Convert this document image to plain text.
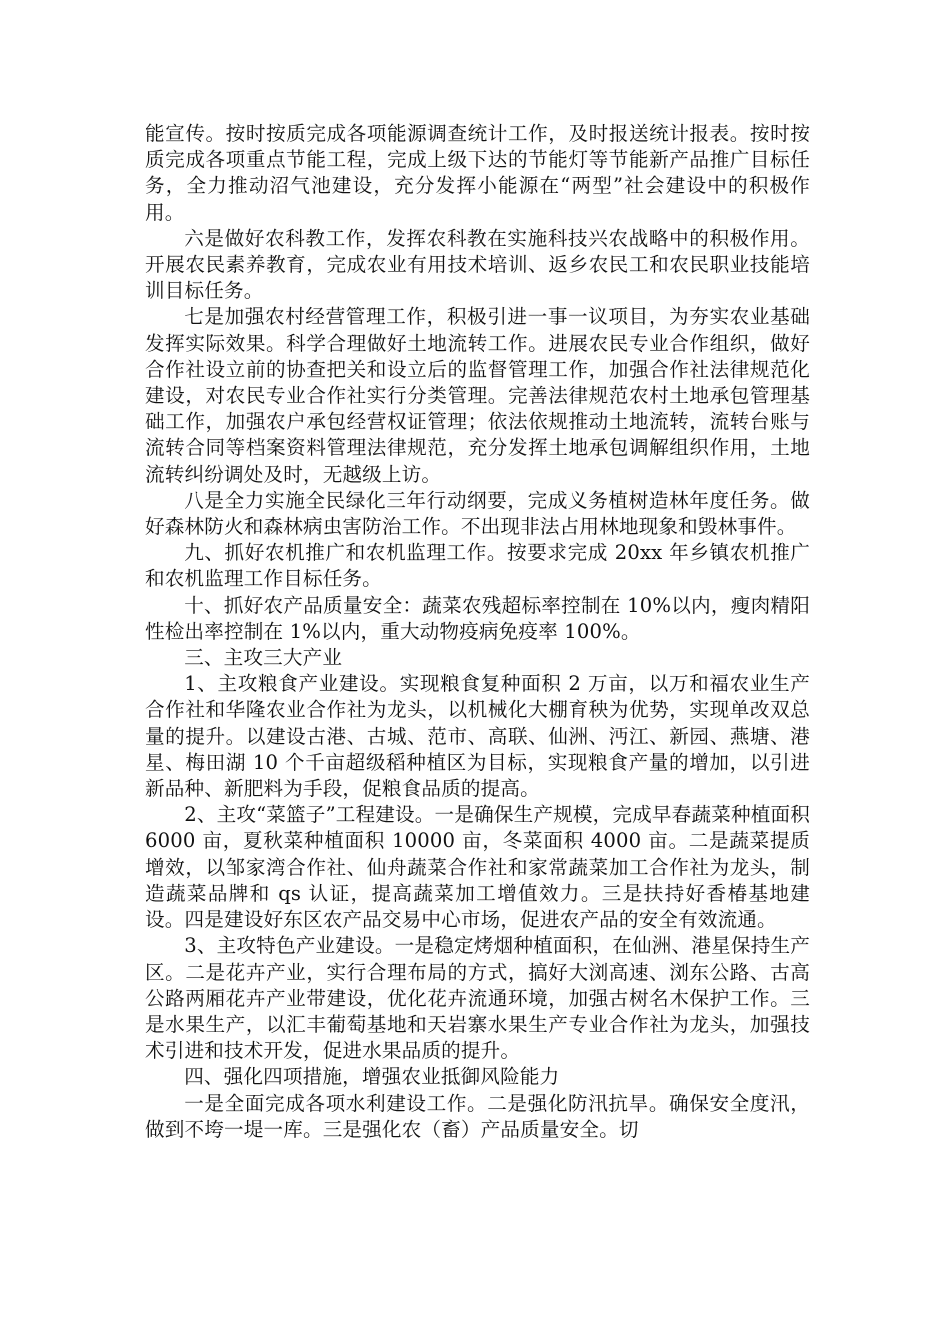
能宣传。按时按质完成各项能源调查统计工作，及时报送统计报表。按时按质完成各项重点节能工程，完成上级下达的节能灯等节能新产品推广目标任务，全力推动沼气池建设，充分发挥小能源在“两型”社会建设中的积极作用。

六是做好农科教工作，发挥农科教在实施科技兴农战略中的积极作用。开展农民素养教育，完成农业有用技术培训、返乡农民工和农民职业技能培训目标任务。

七是加强农村经营管理工作，积极引进一事一议项目，为夯实农业基础发挥实际效果。科学合理做好土地流转工作。进展农民专业合作组织，做好合作社设立前的协查把关和设立后的监督管理工作，加强合作社法律规范化建设，对农民专业合作社实行分类管理。完善法律规范农村土地承包管理基础工作，加强农户承包经营权证管理；依法依规推动土地流转，流转台账与流转合同等档案资料管理法律规范，充分发挥土地承包调解组织作用，土地流转纠纷调处及时，无越级上访。

八是全力实施全民绿化三年行动纲要，完成义务植树造林年度任务。做好森林防火和森林病虫害防治工作。不出现非法占用林地现象和毁林事件。

九、抓好农机推广和农机监理工作。按要求完成 20xx 年乡镇农机推广和农机监理工作目标任务。

十、抓好农产品质量安全：蔬菜农残超标率控制在 10%以内，瘦肉精阳性检出率控制在 1%以内，重大动物疫病免疫率 100%。

三、主攻三大产业

1、主攻粮食产业建设。实现粮食复种面积 2 万亩，以万和福农业生产合作社和华隆农业合作社为龙头，以机械化大棚育秧为优势，实现单改双总量的提升。以建设古港、古城、范市、高联、仙洲、沔江、新园、燕塘、港星、梅田湖 10 个千亩超级稻种植区为目标，实现粮食产量的增加，以引进新品种、新肥料为手段，促粮食品质的提高。

2、主攻“菜篮子”工程建设。一是确保生产规模，完成早春蔬菜种植面积 6000 亩，夏秋菜种植面积 10000 亩，冬菜面积 4000 亩。二是蔬菜提质增效，以邹家湾合作社、仙舟蔬菜合作社和家常蔬菜加工合作社为龙头，制造蔬菜品牌和 qs 认证，提高蔬菜加工增值效力。三是扶持好香椿基地建设。四是建设好东区农产品交易中心市场，促进农产品的安全有效流通。

3、主攻特色产业建设。一是稳定烤烟种植面积，在仙洲、港星保持生产区。二是花卉产业，实行合理布局的方式，搞好大浏高速、浏东公路、古高公路两厢花卉产业带建设，优化花卉流通环境，加强古树名木保护工作。三是水果生产，以汇丰葡萄基地和天岩寨水果生产专业合作社为龙头，加强技术引进和技术开发，促进水果品质的提升。

四、强化四项措施，增强农业抵御风险能力

一是全面完成各项水利建设工作。二是强化防汛抗旱。确保安全度汛，做到不垮一堤一库。三是强化农（畜）产品质量安全。切
